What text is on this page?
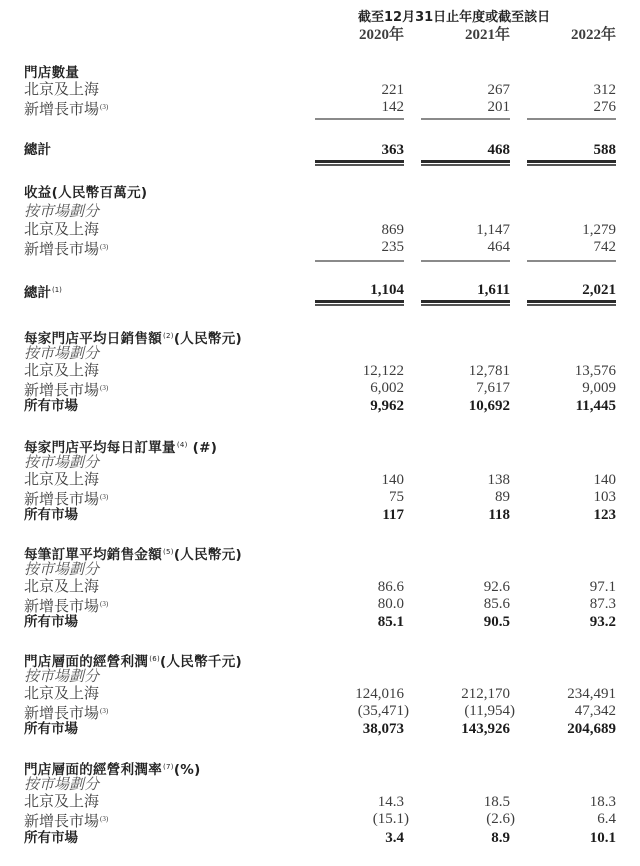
截至12月31日止年度或截至該日
2020年	2021年	2022年
門店數量
北京及上海	221	267	312
新增長市場$^{(3)}$	142	201	276
總計	363	468	588
收益(人民幣百萬元)
按市場劃分
北京及上海	869	1,147	1,279
新增長市場$^{(3)}$	235	464	742
總計$^{(1)}$	1,104	1,611	2,021
每家門店平均日銷售額$^{(2)}$(人民幣元)
按市場劃分
北京及上海	12,122	12,781	13,576
新增長市場$^{(3)}$	6,002	7,617	9,009
所有市場	9,962	10,692	11,445
每家門店平均每日訂單量$^{(4)}$ (#)
按市場劃分
北京及上海	140	138	140
新增長市場$^{(3)}$	75	89	103
所有市場	117	118	123
每筆訂單平均銷售金額$^{(5)}$(人民幣元)
按市場劃分
北京及上海	86.6	92.6	97.1
新增長市場$^{(3)}$	80.0	85.6	87.3
所有市場	85.1	90.5	93.2
門店層面的經營利潤$^{(6)}$(人民幣千元)
按市場劃分
北京及上海	124,016	212,170	234,491
新增長市場$^{(3)}$	(35,471)	(11,954)	47,342
所有市場	38,073	143,926	204,689
門店層面的經營利潤率$^{(7)}$(%)
按市場劃分
北京及上海	14.3	18.5	18.3
新增長市場$^{(3)}$	(15.1)	(2.6)	6.4
所有市場	3.4	8.9	10.1
